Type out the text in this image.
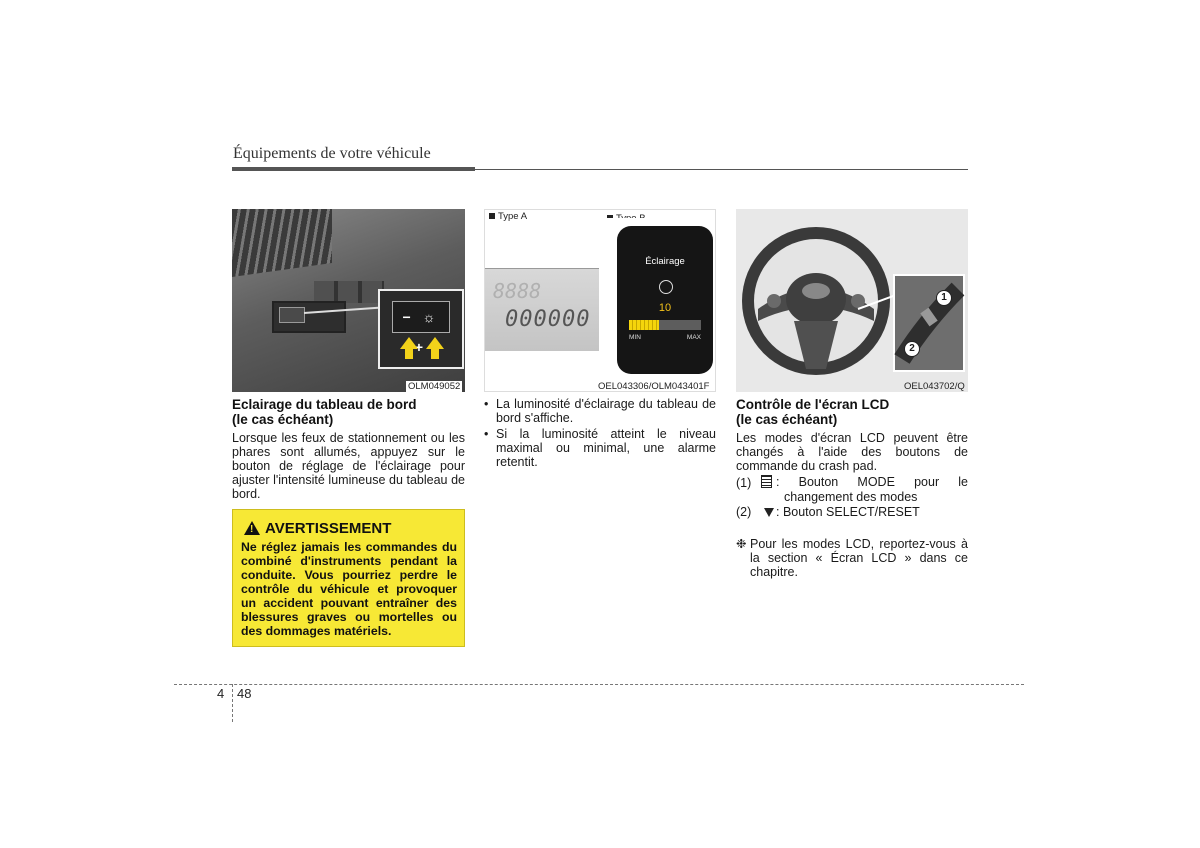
Équipements de votre véhicule
− ☼ +
OLM049052
Eclairage du tableau de bord
(le cas échéant)
Lorsque les feux de stationnement ou les phares sont allumés, appuyez sur le bouton de réglage de l'éclairage pour ajuster l'intensité lumineuse du tableau de bord.
! AVERTISSEMENT
Ne réglez jamais les commandes du combiné d'instruments pendant la conduite. Vous pourriez perdre le contrôle du véhicule et provoquer un accident pouvant entraîner des blessures graves ou mortelles ou des dommages matériels.
Type A
8888
000000
Éclairage
10
MIN	MAX
OEL043306/OLM043401F
• La luminosité d'éclairage du tableau de bord s'affiche.
• Si la luminosité atteint le niveau maximal ou minimal, une alarme retentit.
1
2
OEL043702/Q
Contrôle de l'écran LCD
(le cas échéant)
Les modes d'écran LCD peuvent être changés à l'aide des boutons de commande du crash pad.
(1) : Bouton MODE pour le
changement des modes
(2) : Bouton SELECT/RESET
❉ Pour les modes LCD, reportez-vous à la section « Écran LCD » dans ce chapitre.
4 48
